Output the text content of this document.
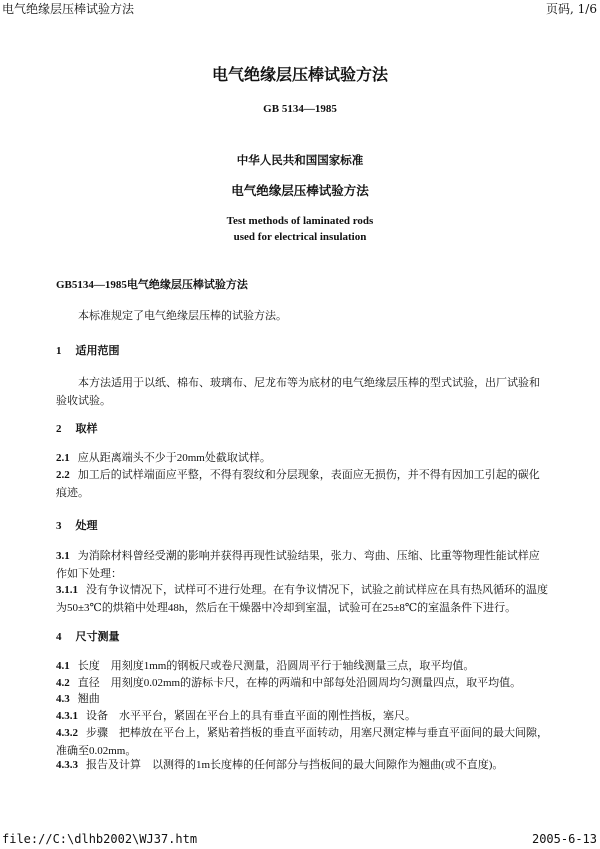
电气绝缘层压棒试验方法	页码, 1/6
电气绝缘层压棒试验方法
GB 5134—1985
中华人民共和国国家标准
电气绝缘层压棒试验方法
Test methods of laminated rods
used for electrical insulation
GB5134—1985电气绝缘层压棒试验方法
本标准规定了电气绝缘层压棒的试验方法。
1 适用范围
本方法适用于以纸、棉布、玻璃布、尼龙布等为底材的电气绝缘层压棒的型式试验，出厂试验和验收试验。
2 取样
2.1 应从距离端头不少于20mm处截取试样。
2.2 加工后的试样端面应平整，不得有裂纹和分层现象，表面应无损伤，并不得有因加工引起的碳化痕迹。
3 处理
3.1 为消除材料曾经受潮的影响并获得再现性试验结果，张力、弯曲、压缩、比重等物理性能试样应作如下处理：
3.1.1 没有争议情况下，试样可不进行处理。在有争议情况下，试验之前试样应在具有热风循环的温度为50±3℃的烘箱中处理48h，然后在干燥器中冷却到室温，试验可在25±8℃的室温条件下进行。
4 尺寸测量
4.1 长度　用刻度1mm的钢板尺或卷尺测量，沿圆周平行于轴线测量三点，取平均值。
4.2 直径　用刻度0.02mm的游标卡尺，在棒的两端和中部每处沿圆周均匀测量四点，取平均值。
4.3 翘曲
4.3.1 设备　水平平台，紧固在平台上的具有垂直平面的刚性挡板，塞尺。
4.3.2 步骤　把棒放在平台上，紧贴着挡板的垂直平面转动，用塞尺测定棒与垂直平面间的最大间隙，准确至0.02mm。
4.3.3 报告及计算　以测得的1m长度棒的任何部分与挡板间的最大间隙作为翘曲(或不直度)。
file://C:\dlhb2002\WJ37.htm	2005-6-13
